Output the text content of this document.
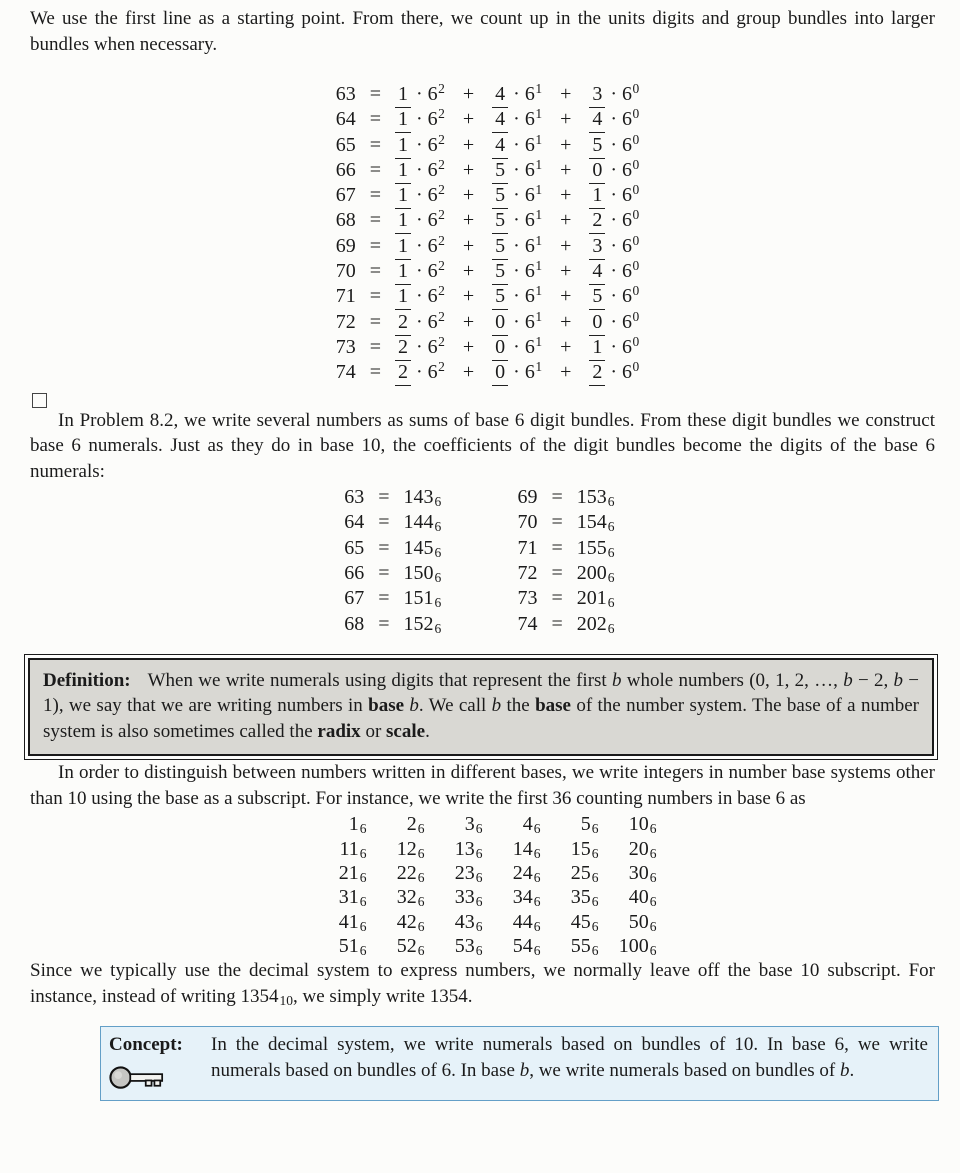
We use the first line as a starting point. From there, we count up in the units digits and group bundles into larger bundles when necessary.

$63 = 1 \cdot 6^2 + 4 \cdot 6^1 + 3 \cdot 6^0$
$64 = 1 \cdot 6^2 + 4 \cdot 6^1 + 4 \cdot 6^0$
$65 = 1 \cdot 6^2 + 4 \cdot 6^1 + 5 \cdot 6^0$
$66 = 1 \cdot 6^2 + 5 \cdot 6^1 + 0 \cdot 6^0$
$67 = 1 \cdot 6^2 + 5 \cdot 6^1 + 1 \cdot 6^0$
$68 = 1 \cdot 6^2 + 5 \cdot 6^1 + 2 \cdot 6^0$
$69 = 1 \cdot 6^2 + 5 \cdot 6^1 + 3 \cdot 6^0$
$70 = 1 \cdot 6^2 + 5 \cdot 6^1 + 4 \cdot 6^0$
$71 = 1 \cdot 6^2 + 5 \cdot 6^1 + 5 \cdot 6^0$
$72 = 2 \cdot 6^2 + 0 \cdot 6^1 + 0 \cdot 6^0$
$73 = 2 \cdot 6^2 + 0 \cdot 6^1 + 1 \cdot 6^0$
$74 = 2 \cdot 6^2 + 0 \cdot 6^1 + 2 \cdot 6^0$

In Problem 8.2, we write several numbers as sums of base 6 digit bundles. From these digit bundles we construct base 6 numerals. Just as they do in base 10, the coefficients of the digit bundles become the digits of the base 6 numerals:

$63 = 143_6$	$69 = 153_6$
$64 = 144_6$	$70 = 154_6$
$65 = 145_6$	$71 = 155_6$
$66 = 150_6$	$72 = 200_6$
$67 = 151_6$	$73 = 201_6$
$68 = 152_6$	$74 = 202_6$

Definition: When we write numerals using digits that represent the first b whole numbers (0, 1, 2, …, b − 2, b − 1), we say that we are writing numbers in base b. We call b the base of the number system. The base of a number system is also sometimes called the radix or scale.

In order to distinguish between numbers written in different bases, we write integers in number base systems other than 10 using the base as a subscript. For instance, we write the first 36 counting numbers in base 6 as

$1_6$	$2_6$	$3_6$	$4_6$	$5_6$	$10_6$
$11_6$	$12_6$	$13_6$	$14_6$	$15_6$	$20_6$
$21_6$	$22_6$	$23_6$	$24_6$	$25_6$	$30_6$
$31_6$	$32_6$	$33_6$	$34_6$	$35_6$	$40_6$
$41_6$	$42_6$	$43_6$	$44_6$	$45_6$	$50_6$
$51_6$	$52_6$	$53_6$	$54_6$	$55_6$	$100_6$

Since we typically use the decimal system to express numbers, we normally leave off the base 10 subscript. For instance, instead of writing $1354_{10}$, we simply write 1354.

Concept:	In the decimal system, we write numerals based on bundles of 10. In base 6, we write numerals based on bundles of 6. In base b, we write numerals based on bundles of b.
